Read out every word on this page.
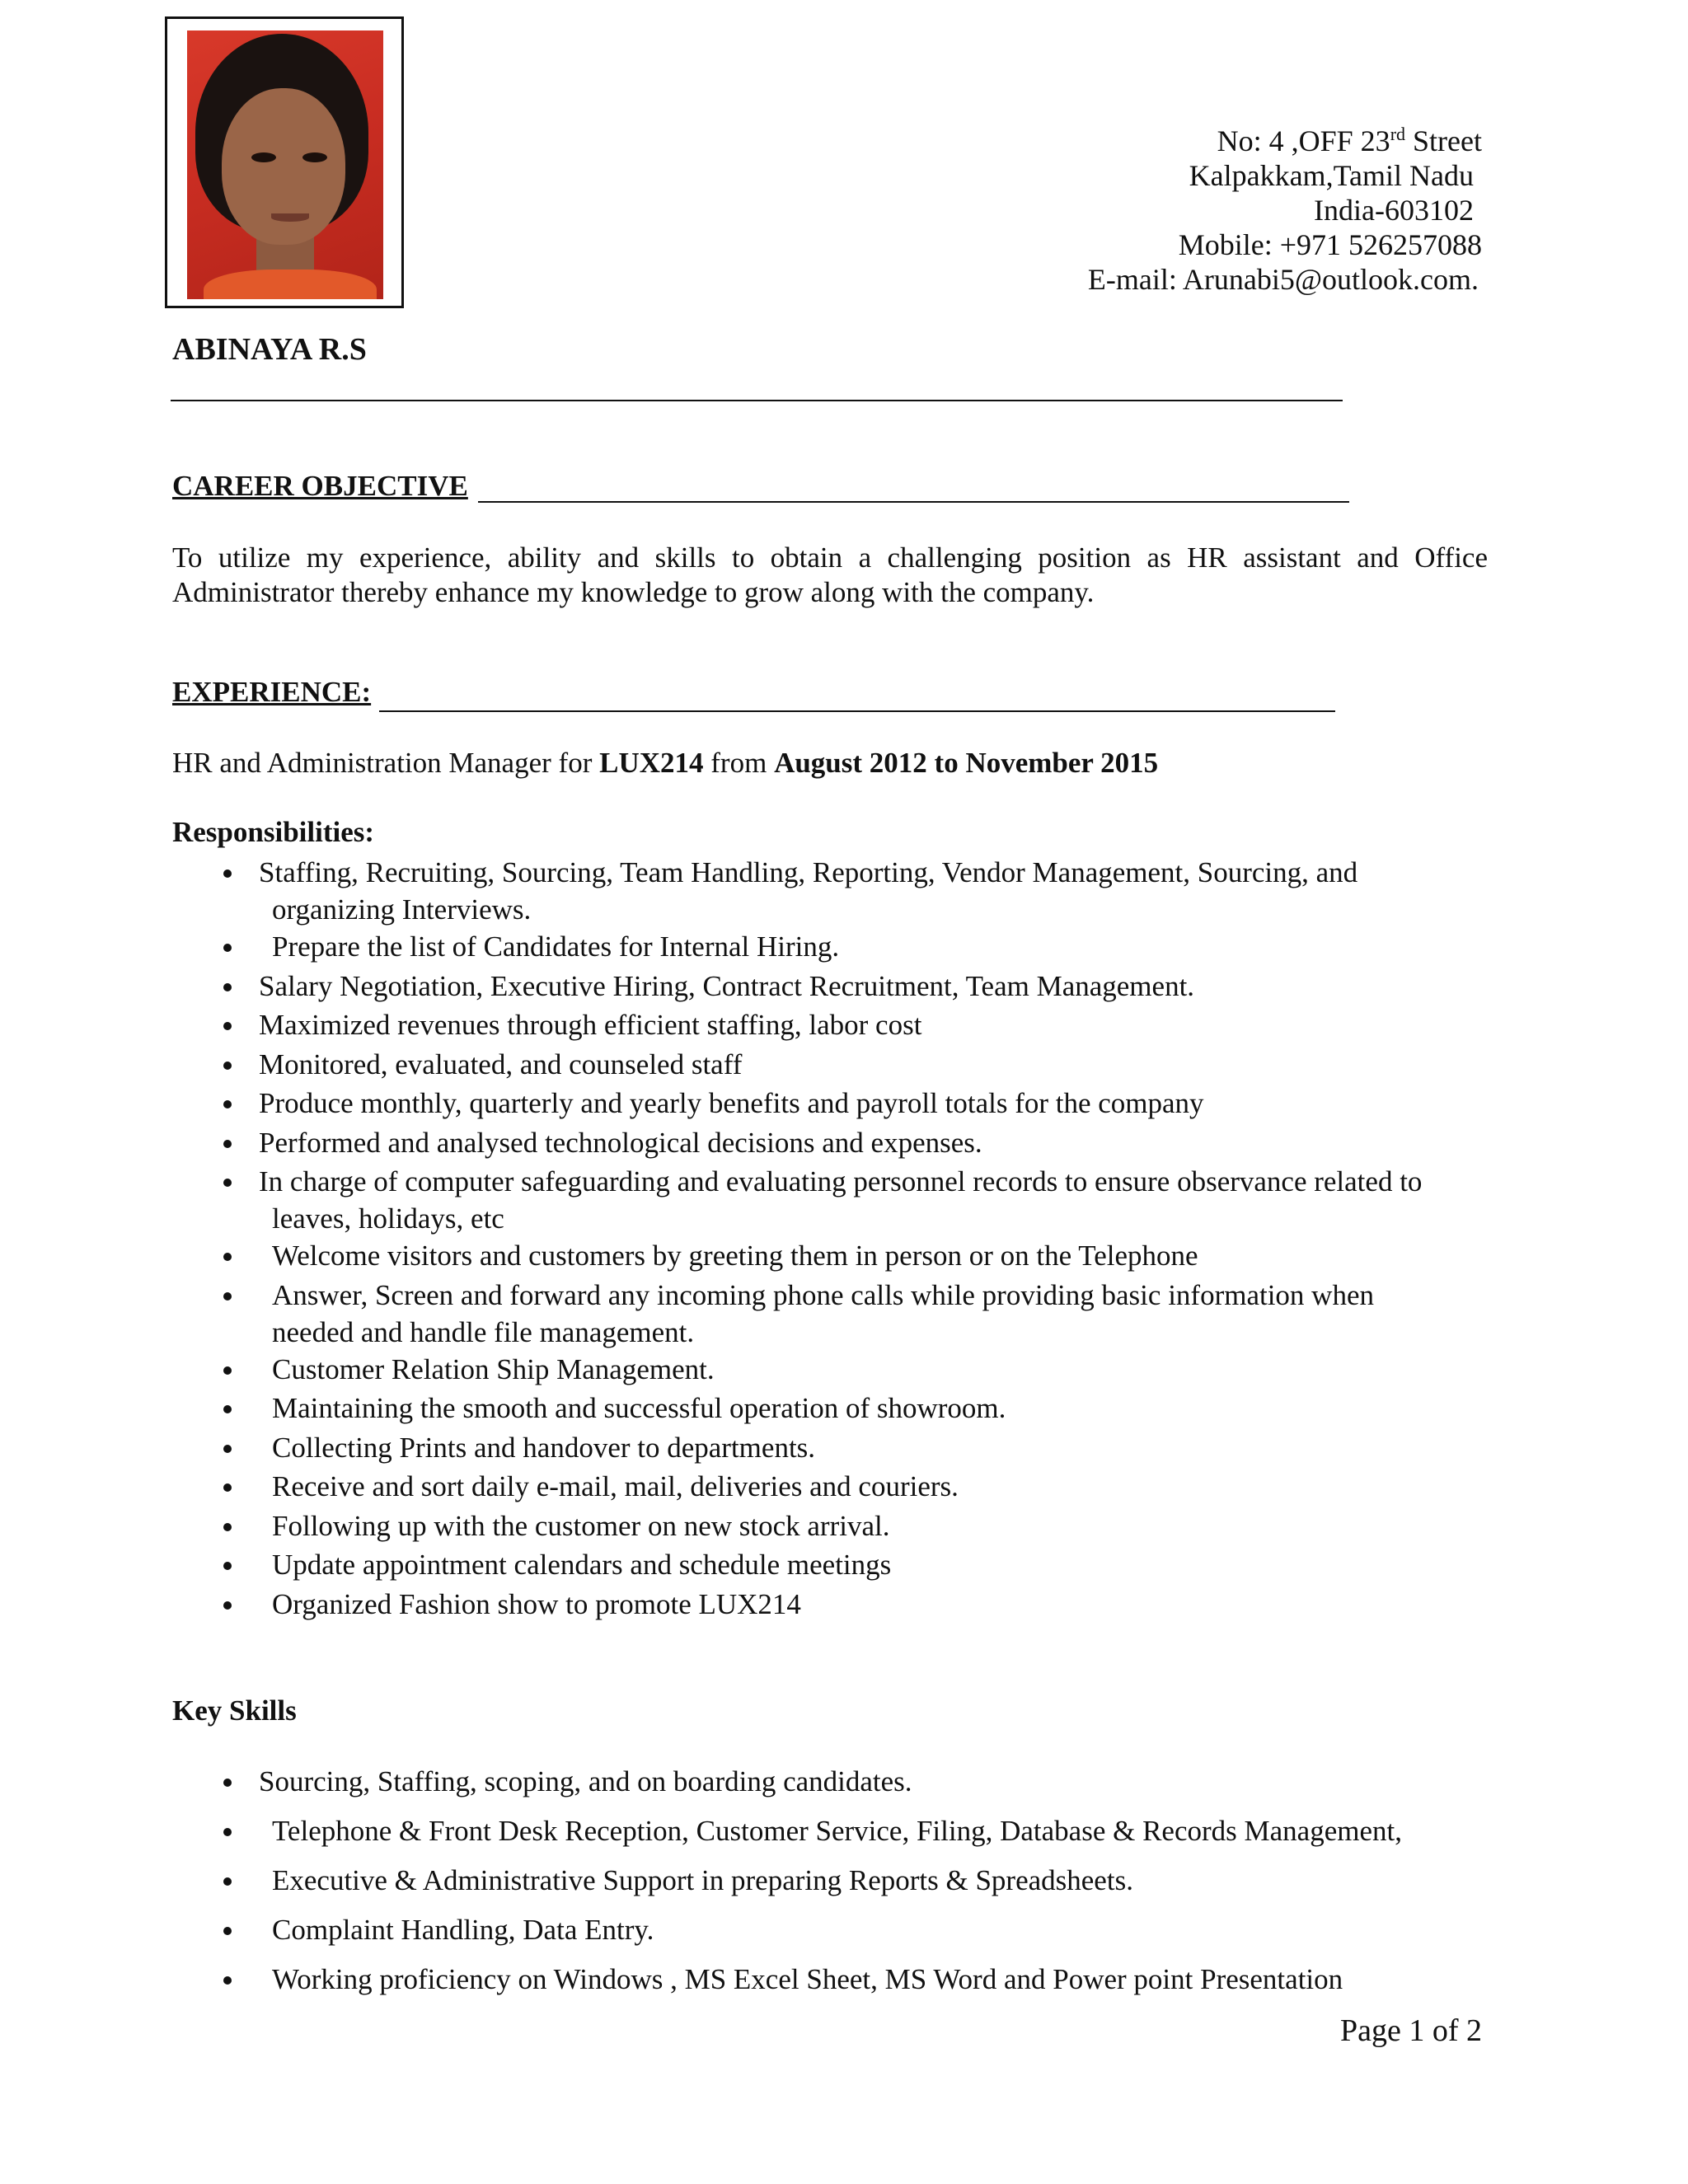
No: 4 ,OFF 23rd Street
Kalpakkam,Tamil Nadu
India-603102
Mobile: +971 526257088
E-mail: Arunabi5@outlook.com.
ABINAYA R.S
CAREER OBJECTIVE
To utilize my experience, ability and skills to obtain a challenging position as HR assistant and Office Administrator thereby enhance my knowledge to grow along with the company.
EXPERIENCE:
HR and Administration Manager for LUX214 from August 2012 to November 2015
Responsibilities:
Staffing, Recruiting, Sourcing, Team Handling, Reporting, Vendor Management, Sourcing, and
organizing Interviews.
Prepare the list of Candidates for Internal Hiring.
Salary Negotiation, Executive Hiring, Contract Recruitment, Team Management.
Maximized revenues through efficient staffing, labor cost
Monitored, evaluated, and counseled staff
Produce monthly, quarterly and yearly benefits and payroll totals for the company
Performed and analysed technological decisions and expenses.
In charge of computer safeguarding and evaluating personnel records to ensure observance related to
leaves, holidays, etc
Welcome visitors and customers by greeting them in person or on the Telephone
Answer, Screen and forward any incoming phone calls while providing basic information when
needed and handle file management.
Customer Relation Ship Management.
Maintaining the smooth and successful operation of showroom.
Collecting Prints and handover to departments.
Receive and sort daily e-mail, mail, deliveries and couriers.
Following up with the customer on new stock arrival.
Update appointment calendars and schedule meetings
Organized Fashion show to promote LUX214
Key Skills
Sourcing, Staffing, scoping, and on boarding candidates.
Telephone & Front Desk Reception, Customer Service, Filing, Database & Records Management,
Executive & Administrative Support in preparing Reports & Spreadsheets.
Complaint Handling, Data Entry.
Working proficiency on Windows , MS Excel Sheet, MS Word and Power point Presentation
Page 1 of 2
